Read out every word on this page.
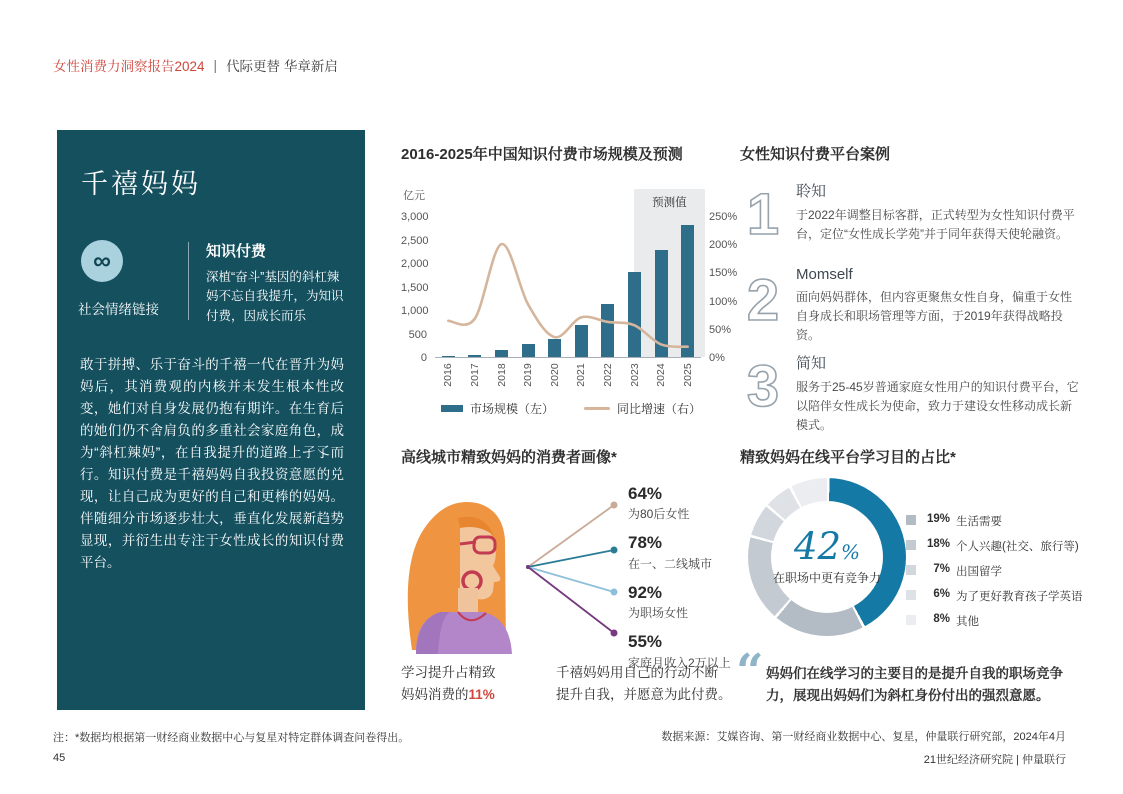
女性消费力洞察报告2024 | 代际更替 华章新启
千禧妈妈
∞
社会情绪链接
知识付费
深植“奋斗”基因的斜杠辣妈不忘自我提升，为知识付费，因成长而乐
敢于拼搏、乐于奋斗的千禧一代在晋升为妈妈后，其消费观的内核并未发生根本性改变，她们对自身发展仍抱有期许。在生育后的她们仍不舍肩负的多重社会家庭角色，成为“斜杠辣妈”，在自我提升的道路上孑孓而行。知识付费是千禧妈妈自我投资意愿的兑现，让自己成为更好的自己和更棒的妈妈。伴随细分市场逐步壮大，垂直化发展新趋势显现，并衍生出专注于女性成长的知识付费平台。
2016-2025年中国知识付费市场规模及预测
亿元
预测值
市场规模（左）	同比增速（右）
0
500
1,000
1,500
2,000
2,500
3,000
0%
50%
100%
150%
200%
250%
2016 2017 2018 2019 2020 2021 2022 2023 2024 2025
高线城市精致妈妈的消费者画像*
64%
为80后女性
78%
在一、二线城市
92%
为职场女性
55%
家庭月收入2万以上
学习提升占精致
妈妈消费的11%
千禧妈妈用自己的行动不断
提升自我，并愿意为此付费。
女性知识付费平台案例
1 聆知
于2022年调整目标客群，正式转型为女性知识付费平台，定位“女性成长学苑”并于同年获得天使轮融资。
2 Momself
面向妈妈群体，但内容更聚焦女性自身，偏重于女性自身成长和职场管理等方面，于2019年获得战略投资。
3 简知
服务于25-45岁普通家庭女性用户的知识付费平台，它以陪伴女性成长为使命，致力于建设女性移动成长新模式。
精致妈妈在线平台学习目的占比*
42%
在职场中更有竞争力
19% 生活需要
18% 个人兴趣(社交、旅行等)
7% 出国留学
6% 为了更好教育孩子学英语
8% 其他
“ 妈妈们在线学习的主要目的是提升自我的职场竞争力，展现出妈妈们为斜杠身份付出的强烈意愿。
注：*数据均根据第一财经商业数据中心与复星对特定群体调查问卷得出。
45
数据来源：艾媒咨询、第一财经商业数据中心、复星，仲量联行研究部，2024年4月
21世纪经济研究院 | 仲量联行
